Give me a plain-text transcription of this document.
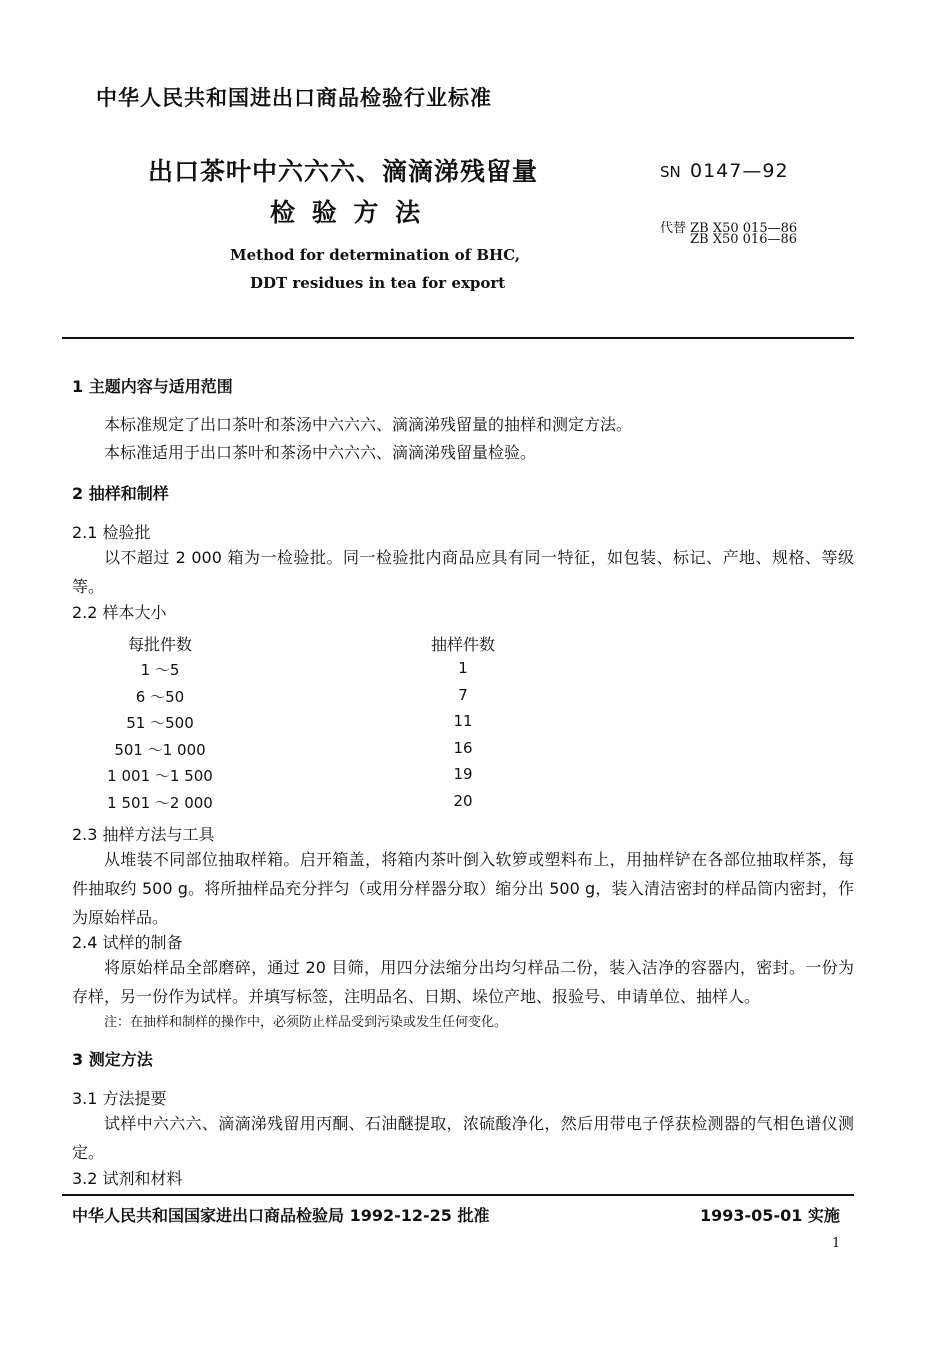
中华人民共和国进出口商品检验行业标准
出口茶叶中六六六、滴滴涕残留量
检 验 方 法
Method for determination of BHC,
DDT residues in tea for export
SN 0147—92
代替 ZB X50 015—86
ZB X50 016—86
1 主题内容与适用范围
本标准规定了出口茶叶和茶汤中六六六、滴滴涕残留量的抽样和测定方法。
本标准适用于出口茶叶和茶汤中六六六、滴滴涕残留量检验。
2 抽样和制样
2.1 检验批
以不超过 2 000 箱为一检验批。同一检验批内商品应具有同一特征，如包装、标记、产地、规格、等级等。
2.2 样本大小
每批件数	抽样件数
1 ～5	1
6 ～50	7
51 ～500	11
501 ～1 000	16
1 001 ～1 500	19
1 501 ～2 000	20
2.3 抽样方法与工具
从堆装不同部位抽取样箱。启开箱盖，将箱内茶叶倒入软箩或塑料布上，用抽样铲在各部位抽取样茶，每件抽取约 500 g。将所抽样品充分拌匀（或用分样器分取）缩分出 500 g，装入清洁密封的样品筒内密封，作为原始样品。
2.4 试样的制备
将原始样品全部磨碎，通过 20 目筛，用四分法缩分出均匀样品二份，装入洁净的容器内，密封。一份为存样，另一份作为试样。并填写标签，注明品名、日期、垛位产地、报验号、申请单位、抽样人。
注：在抽样和制样的操作中，必须防止样品受到污染或发生任何变化。
3 测定方法
3.1 方法提要
试样中六六六、滴滴涕残留用丙酮、石油醚提取，浓硫酸净化，然后用带电子俘获检测器的气相色谱仪测定。
3.2 试剂和材料
中华人民共和国国家进出口商品检验局 1992-12-25 批准	1993-05-01 实施
1
